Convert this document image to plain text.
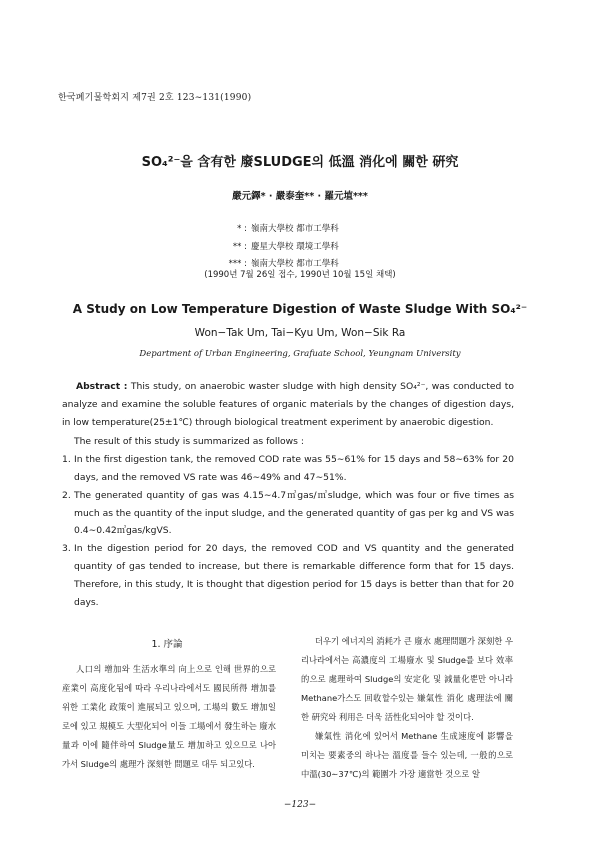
한국폐기물학회지 제7권 2호 123∼131(1990)
SO₄²⁻을 含有한 廢SLUDGE의 低溫 消化에 關한 硏究
嚴元鐸* · 嚴泰奎** · 羅元埴***
* : 嶺南大學校 都市工學科
** : 慶星大學校 環境工學科
*** : 嶺南大學校 都市工學科
(1990년 7월 26일 접수, 1990년 10월 15일 채택)
A Study on Low Temperature Digestion of Waste Sludge With SO₄²⁻
Won−Tak Um, Tai−Kyu Um, Won−Sik Ra
Department of Urban Engineering, Grafuate School, Yeungnam University

Abstract : This study, on anaerobic waster sludge with high density SO₄²⁻, was conducted to analyze and examine the soluble features of organic materials by the changes of digestion days, in low temperature(25±1℃) through biological treatment experiment by anaerobic digestion.

The result of this study is summarized as follows :

1. In the first digestion tank, the removed COD rate was 55∼61% for 15 days and 58∼63% for 20 days, and the removed VS rate was 46∼49% and 47∼51%.
2. The generated quantity of gas was 4.15∼4.7㎥gas/㎥sludge, which was four or five times as much as the quantity of the input sludge, and the generated quantity of gas per kg and VS was 0.4∼0.42㎥gas/kgVS.
3. In the digestion period for 20 days, the removed COD and VS quantity and the generated quantity of gas tended to increase, but there is remarkable difference form that for 15 days. Therefore, in this study, It is thought that digestion period for 15 days is better than that for 20 days.
1. 序論

人口의 增加와 生活水準의 向上으로 인해 世界的으로 産業이 高度化됨에 따라 우리나라에서도 國民所得 增加를 위한 工業化 政策이 進展되고 있으며, 工場의 數도 增加일로에 있고 規模도 大型化되어 이들 工場에서 發生하는 廢水量과 이에 隨伴하여 Sludge量도 增加하고 있으므로 나아가서 Sludge의 處理가 深刻한 問題로 대두 되고있다.

더우기 에너지의 消耗가 큰 廢水 處理問題가 深刻한 우리나라에서는 高濃度의 工場廢水 및 Sludge를 보다 效率的으로 處理하여 Sludge의 安定化 및 減量化뿐만 아니라 Methane가스도 回收할수있는 嫌氣性 消化 處理法에 關한 硏究와 利用은 더욱 活性化되어야 할 것이다.

嫌氣性 消化에 있어서 Methane 生成速度에 影響을 미치는 要素중의 하나는 溫度를 들수 있는데, 一般的으로 中溫(30∼37℃)의 範圍가 가장 適當한 것으로 알

−123−
